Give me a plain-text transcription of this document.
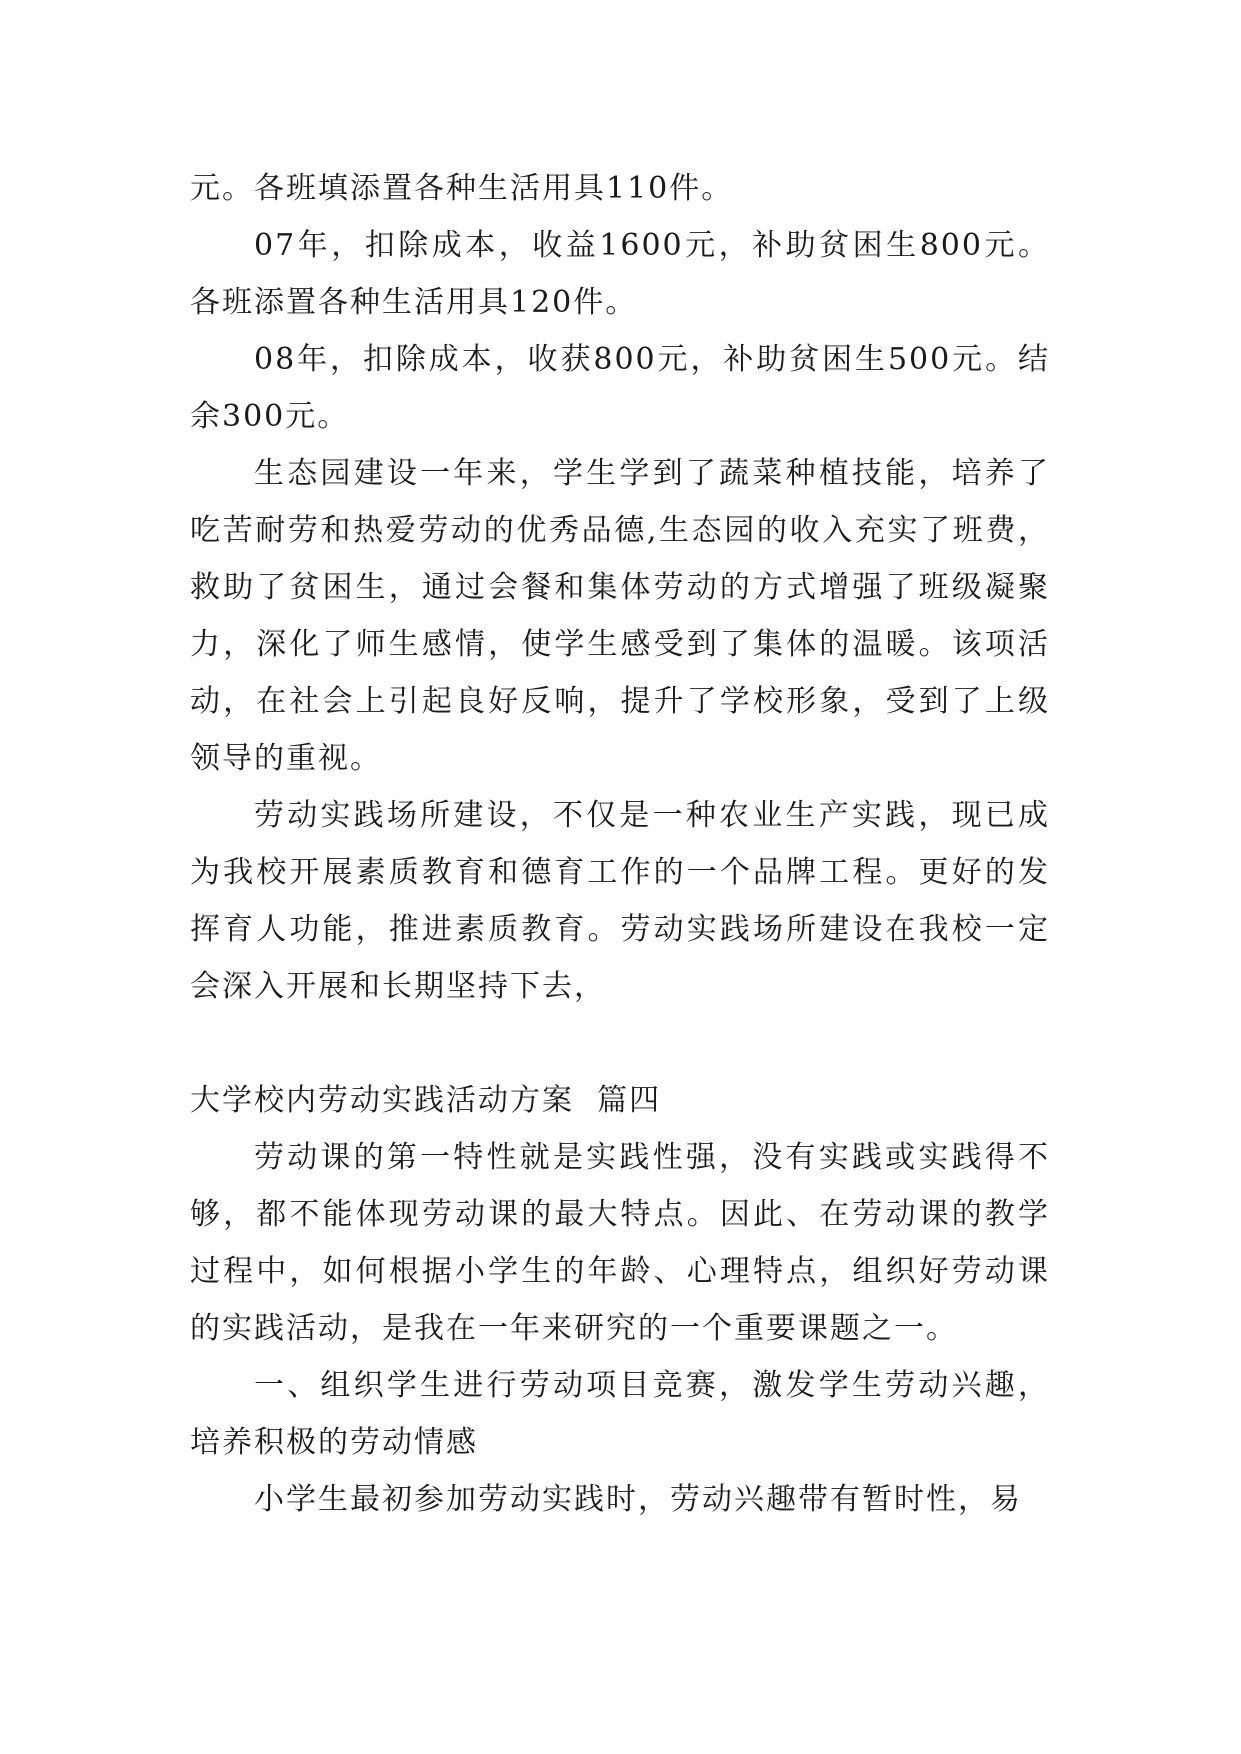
元。各班填添置各种生活用具110件。

07年，扣除成本，收益1600元，补助贫困生800元。各班添置各种生活用具120件。

08年，扣除成本，收获800元，补助贫困生500元。结余300元。

生态园建设一年来，学生学到了蔬菜种植技能，培养了吃苦耐劳和热爱劳动的优秀品德,生态园的收入充实了班费，救助了贫困生，通过会餐和集体劳动的方式增强了班级凝聚力，深化了师生感情，使学生感受到了集体的温暖。该项活动，在社会上引起良好反响，提升了学校形象，受到了上级领导的重视。

劳动实践场所建设，不仅是一种农业生产实践，现已成为我校开展素质教育和德育工作的一个品牌工程。更好的发挥育人功能，推进素质教育。劳动实践场所建设在我校一定会深入开展和长期坚持下去，

大学校内劳动实践活动方案  篇四

劳动课的第一特性就是实践性强，没有实践或实践得不够，都不能体现劳动课的最大特点。因此、在劳动课的教学过程中，如何根据小学生的年龄、心理特点，组织好劳动课的实践活动，是我在一年来研究的一个重要课题之一。

一、组织学生进行劳动项目竞赛，激发学生劳动兴趣，培养积极的劳动情感

小学生最初参加劳动实践时，劳动兴趣带有暂时性，易
